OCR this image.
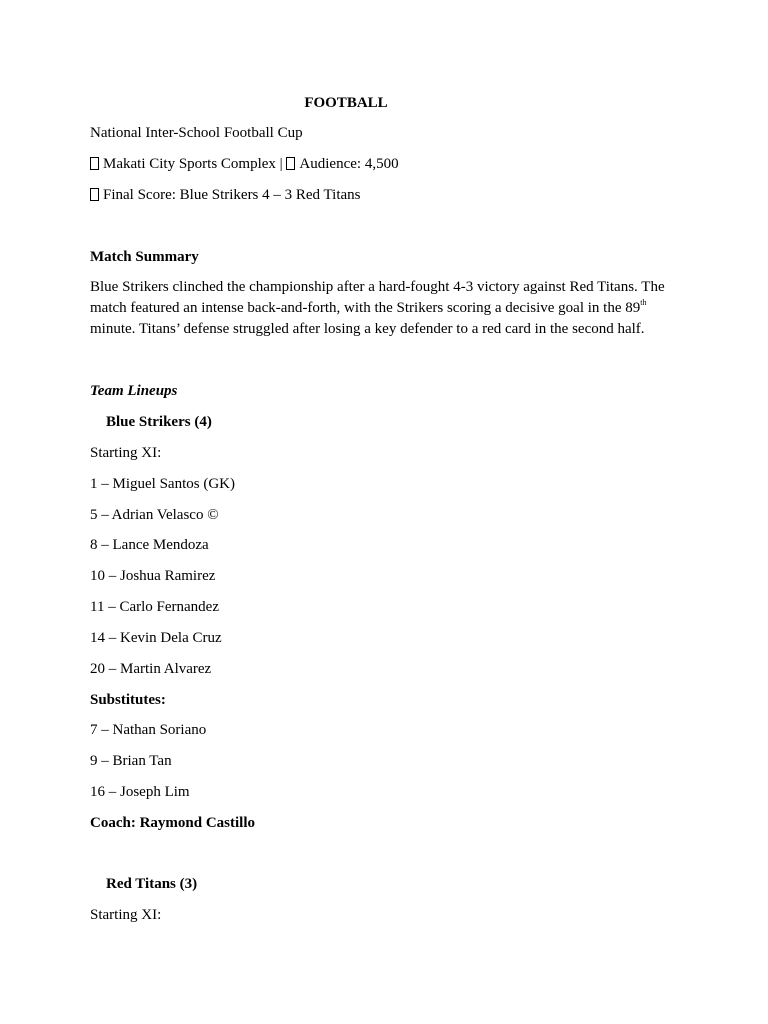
FOOTBALL
National Inter-School Football Cup
Makati City Sports Complex | Audience: 4,500
Final Score: Blue Strikers 4 – 3 Red Titans
Match Summary
Blue Strikers clinched the championship after a hard-fought 4-3 victory against Red Titans. The match featured an intense back-and-forth, with the Strikers scoring a decisive goal in the 89th minute. Titans’ defense struggled after losing a key defender to a red card in the second half.
Team Lineups
Blue Strikers (4)
Starting XI:
1 – Miguel Santos (GK)
5 – Adrian Velasco ©
8 – Lance Mendoza
10 – Joshua Ramirez
11 – Carlo Fernandez
14 – Kevin Dela Cruz
20 – Martin Alvarez
Substitutes:
7 – Nathan Soriano
9 – Brian Tan
16 – Joseph Lim
Coach: Raymond Castillo
Red Titans (3)
Starting XI:
